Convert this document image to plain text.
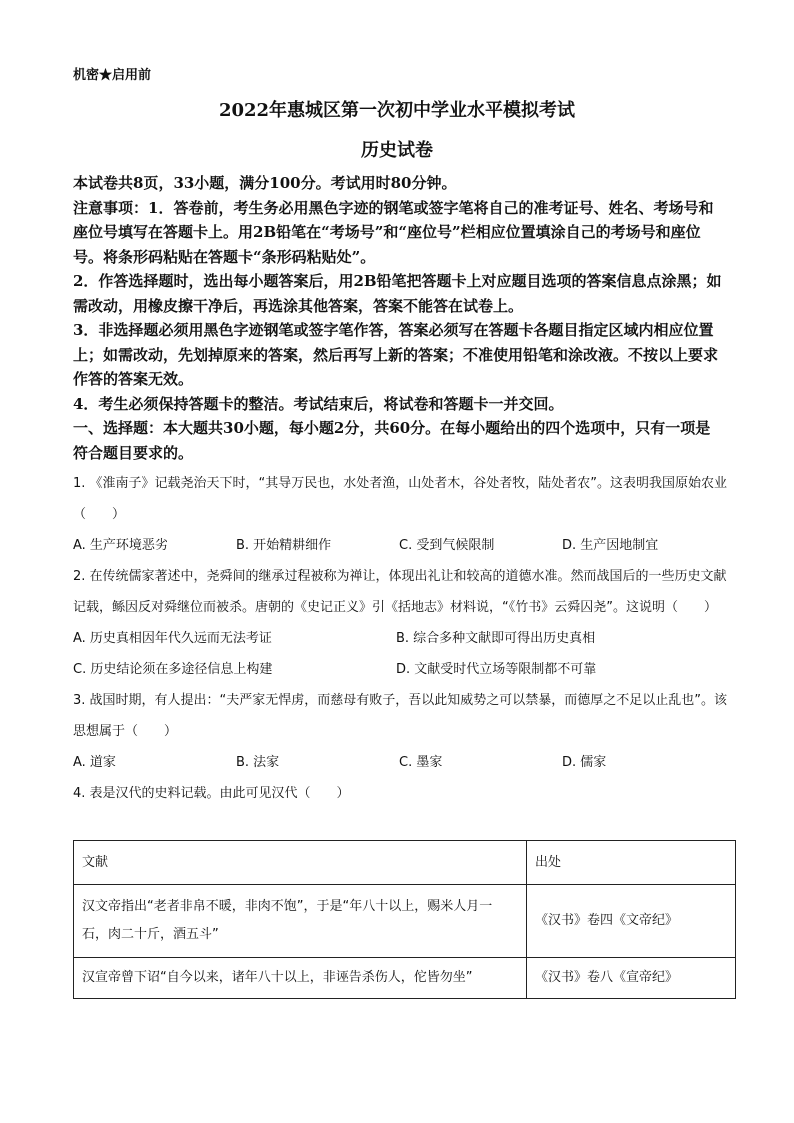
机密★启用前
2022年惠城区第一次初中学业水平模拟考试
历史试卷

本试卷共8页，33小题，满分100分。考试用时80分钟。

注意事项：1．答卷前，考生务必用黑色字迹的钢笔或签字笔将自己的准考证号、姓名、考场号和座位号填写在答题卡上。用2B铅笔在“考场号”和“座位号”栏相应位置填涂自己的考场号和座位号。将条形码粘贴在答题卡“条形码粘贴处”。

2．作答选择题时，选出每小题答案后，用2B铅笔把答题卡上对应题目选项的答案信息点涂黑；如需改动，用橡皮擦干净后，再选涂其他答案，答案不能答在试卷上。

3．非选择题必须用黑色字迹钢笔或签字笔作答，答案必须写在答题卡各题目指定区域内相应位置上；如需改动，先划掉原来的答案，然后再写上新的答案；不准使用铅笔和涂改液。不按以上要求作答的答案无效。

4．考生必须保持答题卡的整洁。考试结束后，将试卷和答题卡一并交回。

一、选择题：本大题共30小题，每小题2分，共60分。在每小题给出的四个选项中，只有一项是符合题目要求的。

1. 《淮南子》记载尧治天下时，“其导万民也，水处者渔，山处者木，谷处者牧，陆处者农”。这表明我国原始农业（　　）

A. 生产环境恶劣	B. 开始精耕细作	C. 受到气候限制	D. 生产因地制宜

2. 在传统儒家著述中，尧舜间的继承过程被称为禅让，体现出礼让和较高的道德水准。然而战国后的一些历史文献记载，鲧因反对舜继位而被杀。唐朝的《史记正义》引《括地志》材料说，“《竹书》云舜囚尧”。这说明（　　）

A. 历史真相因年代久远而无法考证	B. 综合多种文献即可得出历史真相
C. 历史结论须在多途径信息上构建	D. 文献受时代立场等限制都不可靠

3. 战国时期，有人提出：“夫严家无悍虏，而慈母有败子，吾以此知威势之可以禁暴，而德厚之不足以止乱也”。该思想属于（　　）

A. 道家	B. 法家	C. 墨家	D. 儒家

4. 表是汉代的史料记载。由此可见汉代（　　）

文献	出处
汉文帝指出“老者非帛不暖，非肉不饱”，于是“年八十以上，赐米人月一石，肉二十斤，酒五斗”	《汉书》卷四《文帝纪》
汉宣帝曾下诏“自今以来，诸年八十以上，非诬告杀伤人，佗皆勿坐”	《汉书》卷八《宣帝纪》
